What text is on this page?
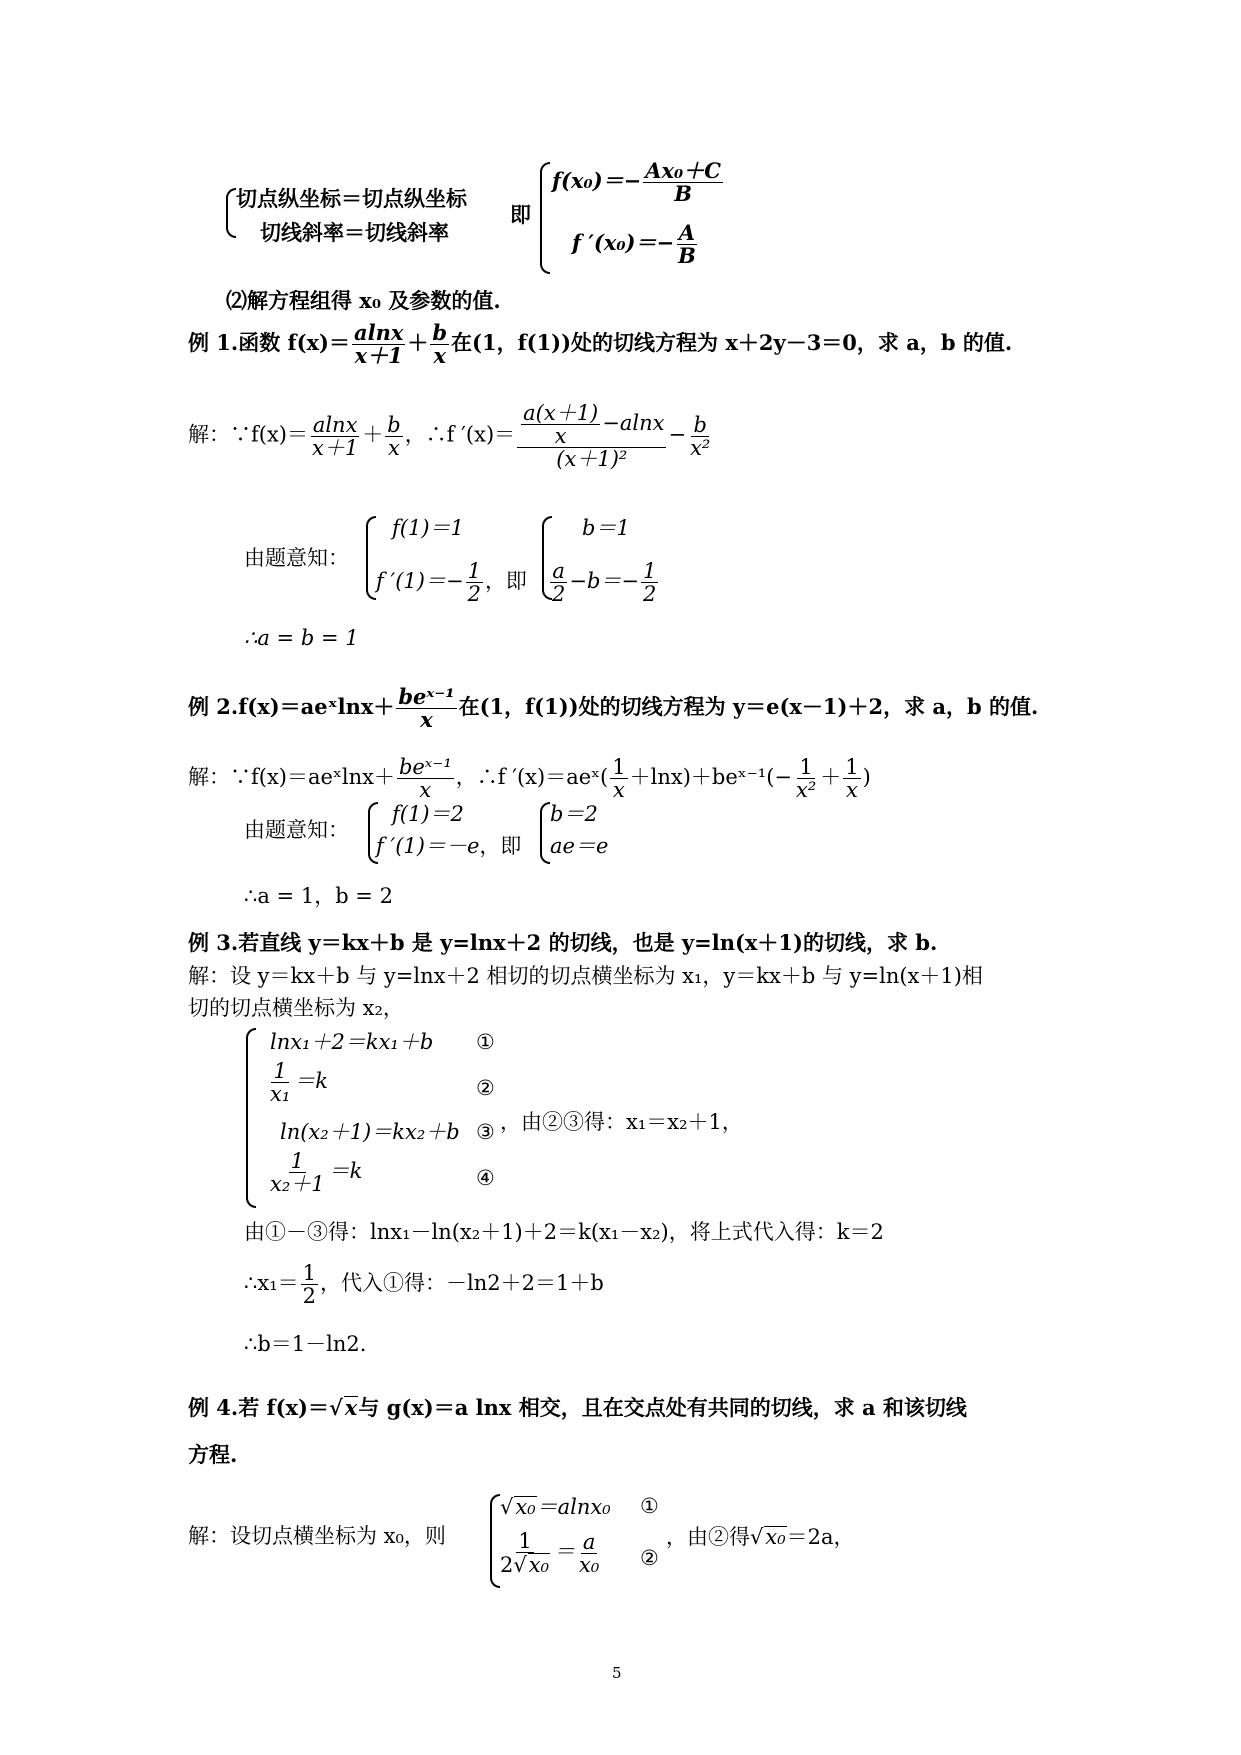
切点纵坐标＝切点纵坐标
切线斜率＝切线斜率
即
$f(x_0)=- \frac{\text{Ax₀＋C}}{B}$
f $'(x_0)=- \frac{A}{B}$
⑵解方程组得 x₀ 及参数的值.
例 1.函数 $f(x)= \frac{alnx}{x+1} + \frac{b}{x}$ 在(1，f(1))处的切线方程为 x＋2y－3＝0，求 a，b 的值.
解：∵f(x)＝ $\frac{alnx}{x+1} + \frac{b}{x}$ ，∴f $'(x)= \frac{\frac{a(x+1)}{x} -alnx}{\text{(x＋1)²}} - \frac{b}{\text{x²}}$
由题意知：
f(1)＝1
f $'(1)=- \frac{1}{2}$ ，即
b＝1
$\frac{a}{2} -b=- \frac{1}{2}$
∴a = b = 1
例 2.f(x)＝aeˣlnx＋ $\frac{\text{beˣ⁻¹}}{x}$ 在(1，f(1))处的切线方程为 y＝e(x－1)＋2，求 a，b 的值.
解：∵f(x)＝aeˣlnx＋ $\frac{\text{beˣ⁻¹}}{x}$ ，∴f ′(x)＝aeˣ( $\frac{1}{x}$ ＋lnx)＋beˣ⁻¹(− $\frac{1}{\text{x²}} + \frac{1}{x}$ )
由题意知：
f(1)＝2
f ′(1)＝－e，即
b＝2
ae＝e
∴a = 1，b = 2
例 3.若直线 y＝kx＋b 是 y=lnx＋2 的切线，也是 y=ln(x＋1)的切线，求 b.
解：设 y＝kx＋b 与 y=lnx＋2 相切的切点横坐标为 x₁，y＝kx＋b 与 y=ln(x＋1)相
切的切点横坐标为 x₂，
lnx₁＋2＝kx₁＋b ①
$\frac{1}{\text{x₁}} =k$	②
ln(x₂＋1)＝kx₂＋b ③ ，由②③得：x₁＝x₂＋1，
$\frac{1}{\text{x₂＋1}} =k$	④
由①－③得：lnx₁－ln(x₂＋1)＋2＝k(x₁－x₂)，将上式代入得：k＝2
∴x₁＝ $\frac{1}{2}$ ，代入①得：－ln2＋2＝1＋b
∴b＝1－ln2.
例 4.若 f(x)＝√x与 g(x)＝a lnx 相交，且在交点处有共同的切线，求 a 和该切线
方程.
解：设切点横坐标为 x₀，则
√x₀＝alnx₀ ①
$\frac{1}{\text{2√x₀}} = \frac{a}{\text{x₀}}$ ②
，由②得√x₀＝2a，
5
